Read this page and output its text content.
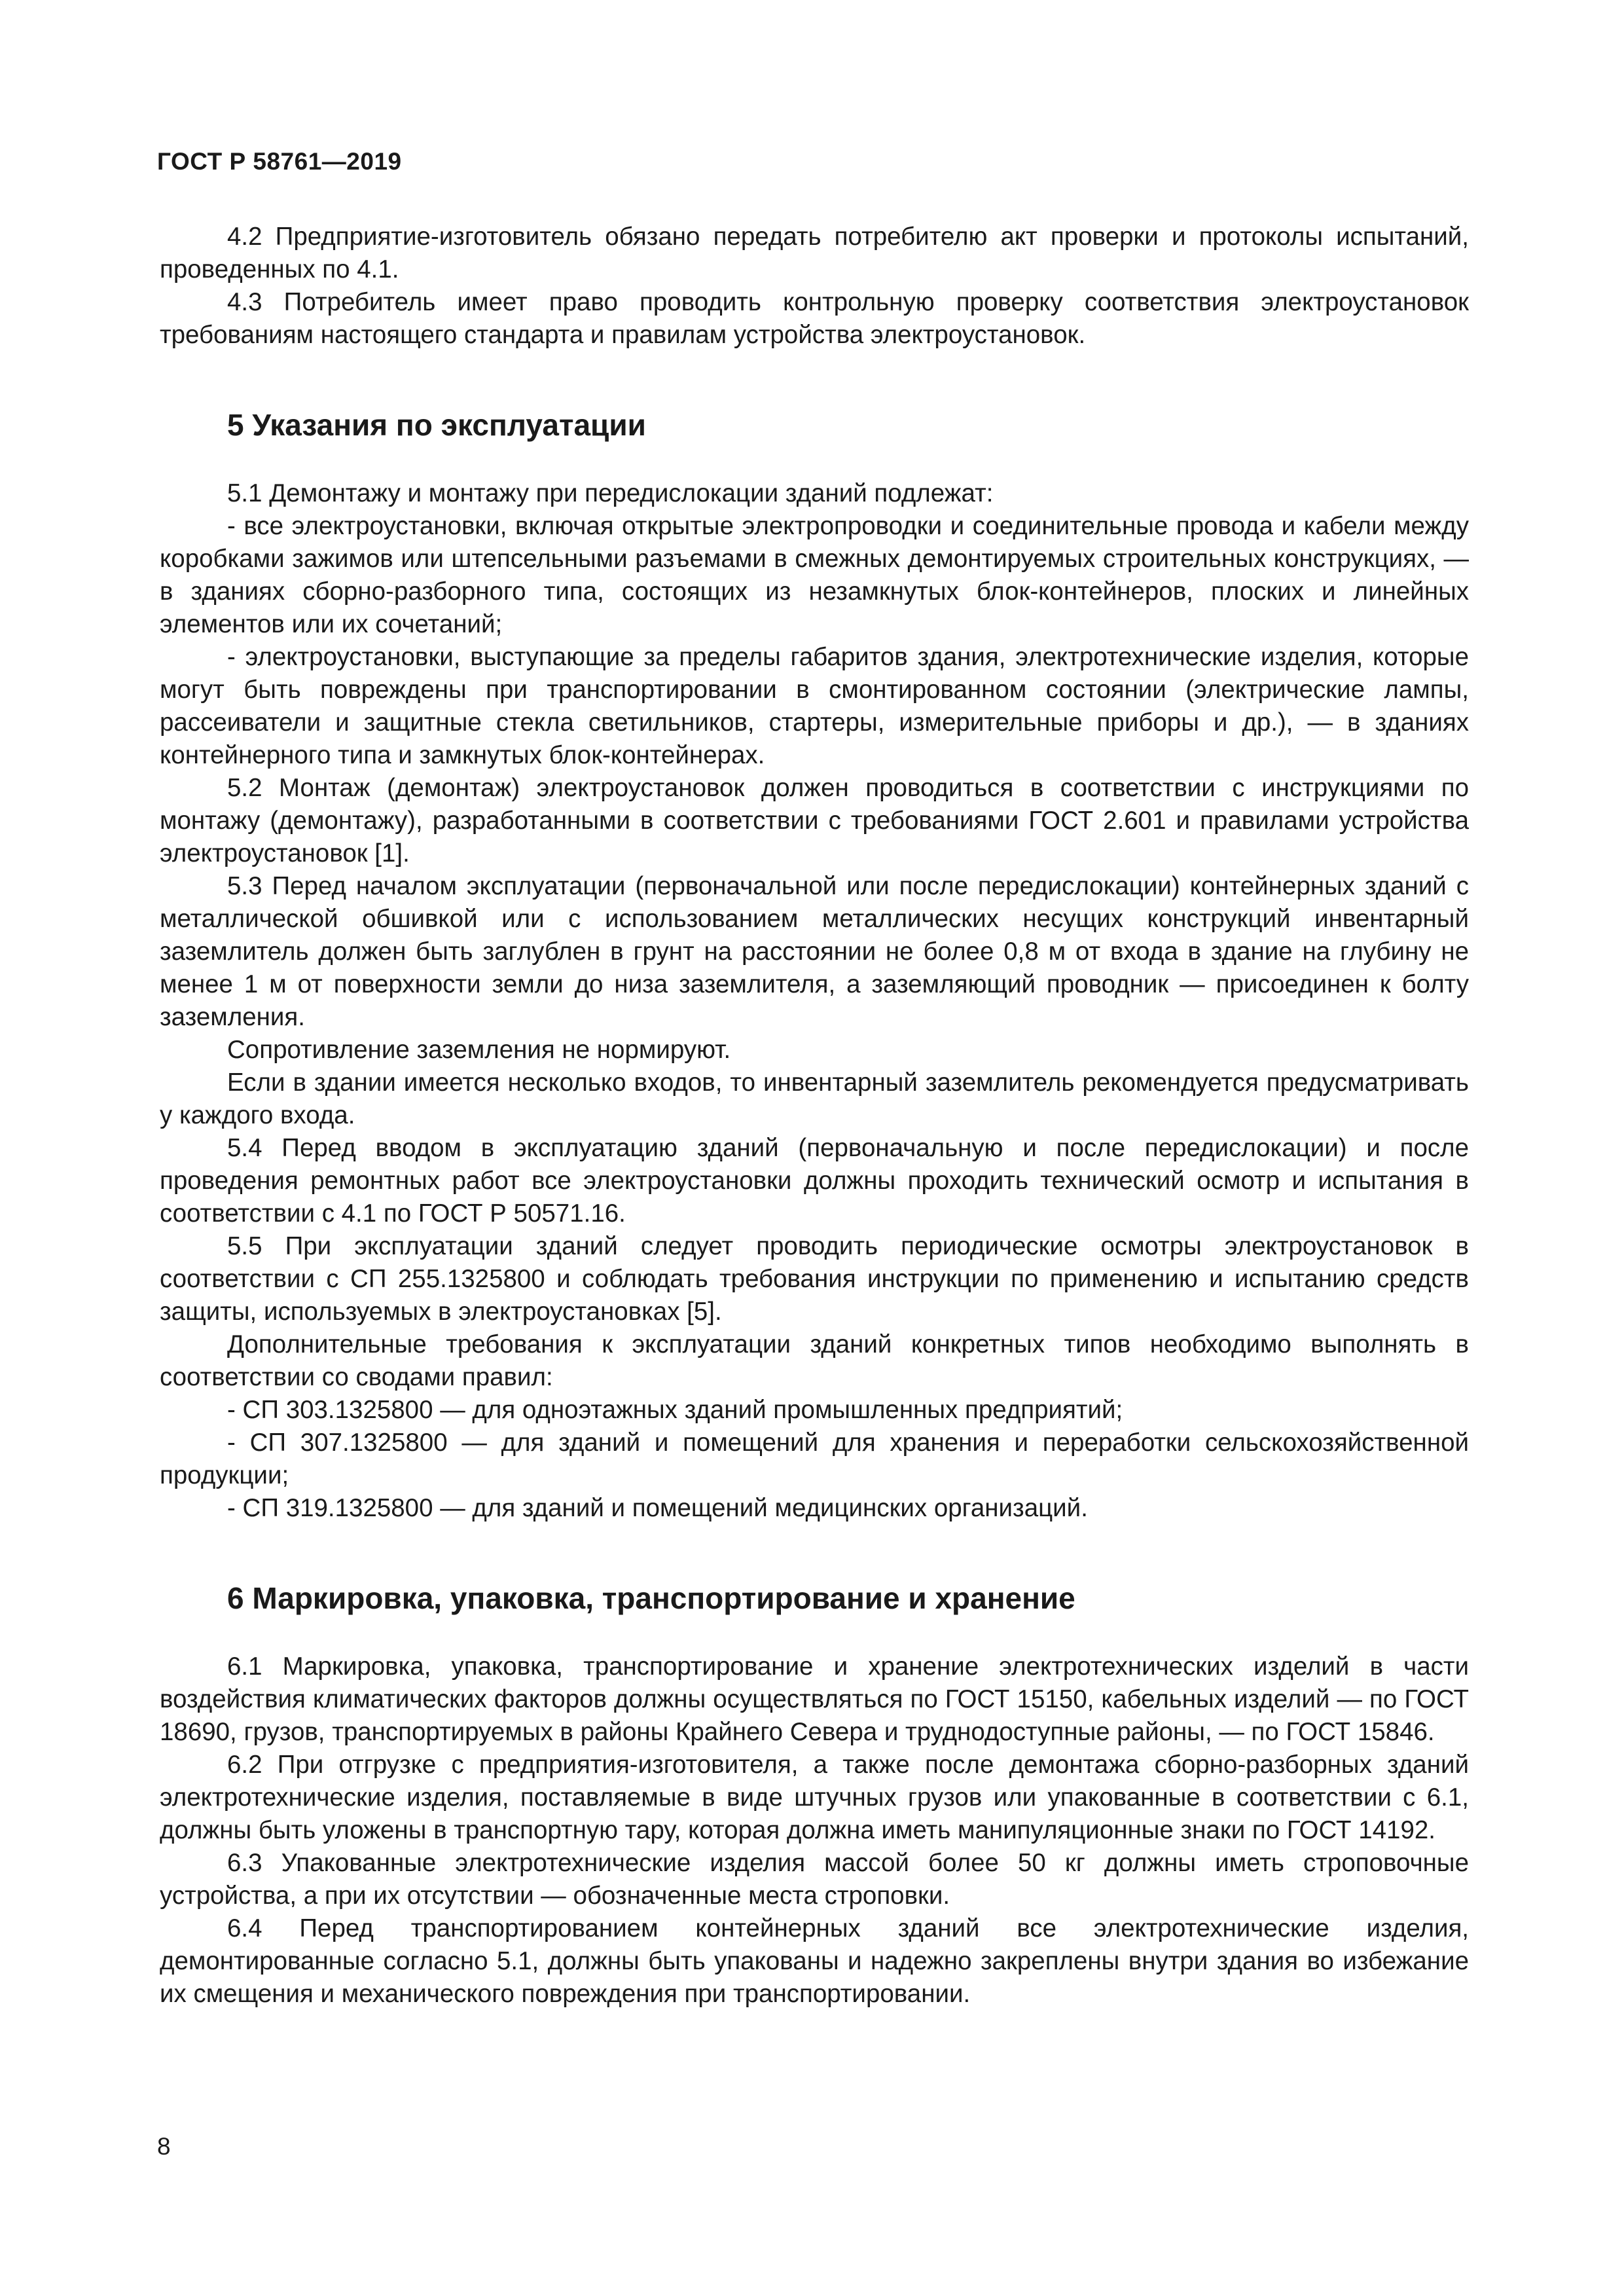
ГОСТ Р 58761—2019

4.2 Предприятие-изготовитель обязано передать потребителю акт проверки и протоколы испытаний, проведенных по 4.1.

4.3 Потребитель имеет право проводить контрольную проверку соответствия электроустановок требованиям настоящего стандарта и правилам устройства электроустановок.

5 Указания по эксплуатации

5.1 Демонтажу и монтажу при передислокации зданий подлежат:

- все электроустановки, включая открытые электропроводки и соединительные провода и кабели между коробками зажимов или штепсельными разъемами в смежных демонтируемых строительных конструкциях, — в зданиях сборно-разборного типа, состоящих из незамкнутых блок-контейнеров, плоских и линейных элементов или их сочетаний;

- электроустановки, выступающие за пределы габаритов здания, электротехнические изделия, которые могут быть повреждены при транспортировании в смонтированном состоянии (электрические лампы, рассеиватели и защитные стекла светильников, стартеры, измерительные приборы и др.), — в зданиях контейнерного типа и замкнутых блок-контейнерах.

5.2 Монтаж (демонтаж) электроустановок должен проводиться в соответствии с инструкциями по монтажу (демонтажу), разработанными в соответствии с требованиями ГОСТ 2.601 и правилами устройства электроустановок [1].

5.3 Перед началом эксплуатации (первоначальной или после передислокации) контейнерных зданий с металлической обшивкой или с использованием металлических несущих конструкций инвентарный заземлитель должен быть заглублен в грунт на расстоянии не более 0,8 м от входа в здание на глубину не менее 1 м от поверхности земли до низа заземлителя, а заземляющий проводник — присоединен к болту заземления.

Сопротивление заземления не нормируют.

Если в здании имеется несколько входов, то инвентарный заземлитель рекомендуется предусматривать у каждого входа.

5.4 Перед вводом в эксплуатацию зданий (первоначальную и после передислокации) и после проведения ремонтных работ все электроустановки должны проходить технический осмотр и испытания в соответствии с 4.1 по ГОСТ Р 50571.16.

5.5 При эксплуатации зданий следует проводить периодические осмотры электроустановок в соответствии с СП 255.1325800 и соблюдать требования инструкции по применению и испытанию средств защиты, используемых в электроустановках [5].

Дополнительные требования к эксплуатации зданий конкретных типов необходимо выполнять в соответствии со сводами правил:

- СП 303.1325800 — для одноэтажных зданий промышленных предприятий;

- СП 307.1325800 — для зданий и помещений для хранения и переработки сельскохозяйственной продукции;

- СП 319.1325800 — для зданий и помещений медицинских организаций.

6 Маркировка, упаковка, транспортирование и хранение

6.1 Маркировка, упаковка, транспортирование и хранение электротехнических изделий в части воздействия климатических факторов должны осуществляться по ГОСТ 15150, кабельных изделий — по ГОСТ 18690, грузов, транспортируемых в районы Крайнего Севера и труднодоступные районы, — по ГОСТ 15846.

6.2 При отгрузке с предприятия-изготовителя, а также после демонтажа сборно-разборных зданий электротехнические изделия, поставляемые в виде штучных грузов или упакованные в соответствии с 6.1, должны быть уложены в транспортную тару, которая должна иметь манипуляционные знаки по ГОСТ 14192.

6.3 Упакованные электротехнические изделия массой более 50 кг должны иметь строповочные устройства, а при их отсутствии — обозначенные места строповки.

6.4 Перед транспортированием контейнерных зданий все электротехнические изделия, демонтированные согласно 5.1, должны быть упакованы и надежно закреплены внутри здания во избежание их смещения и механического повреждения при транспортировании.

8
